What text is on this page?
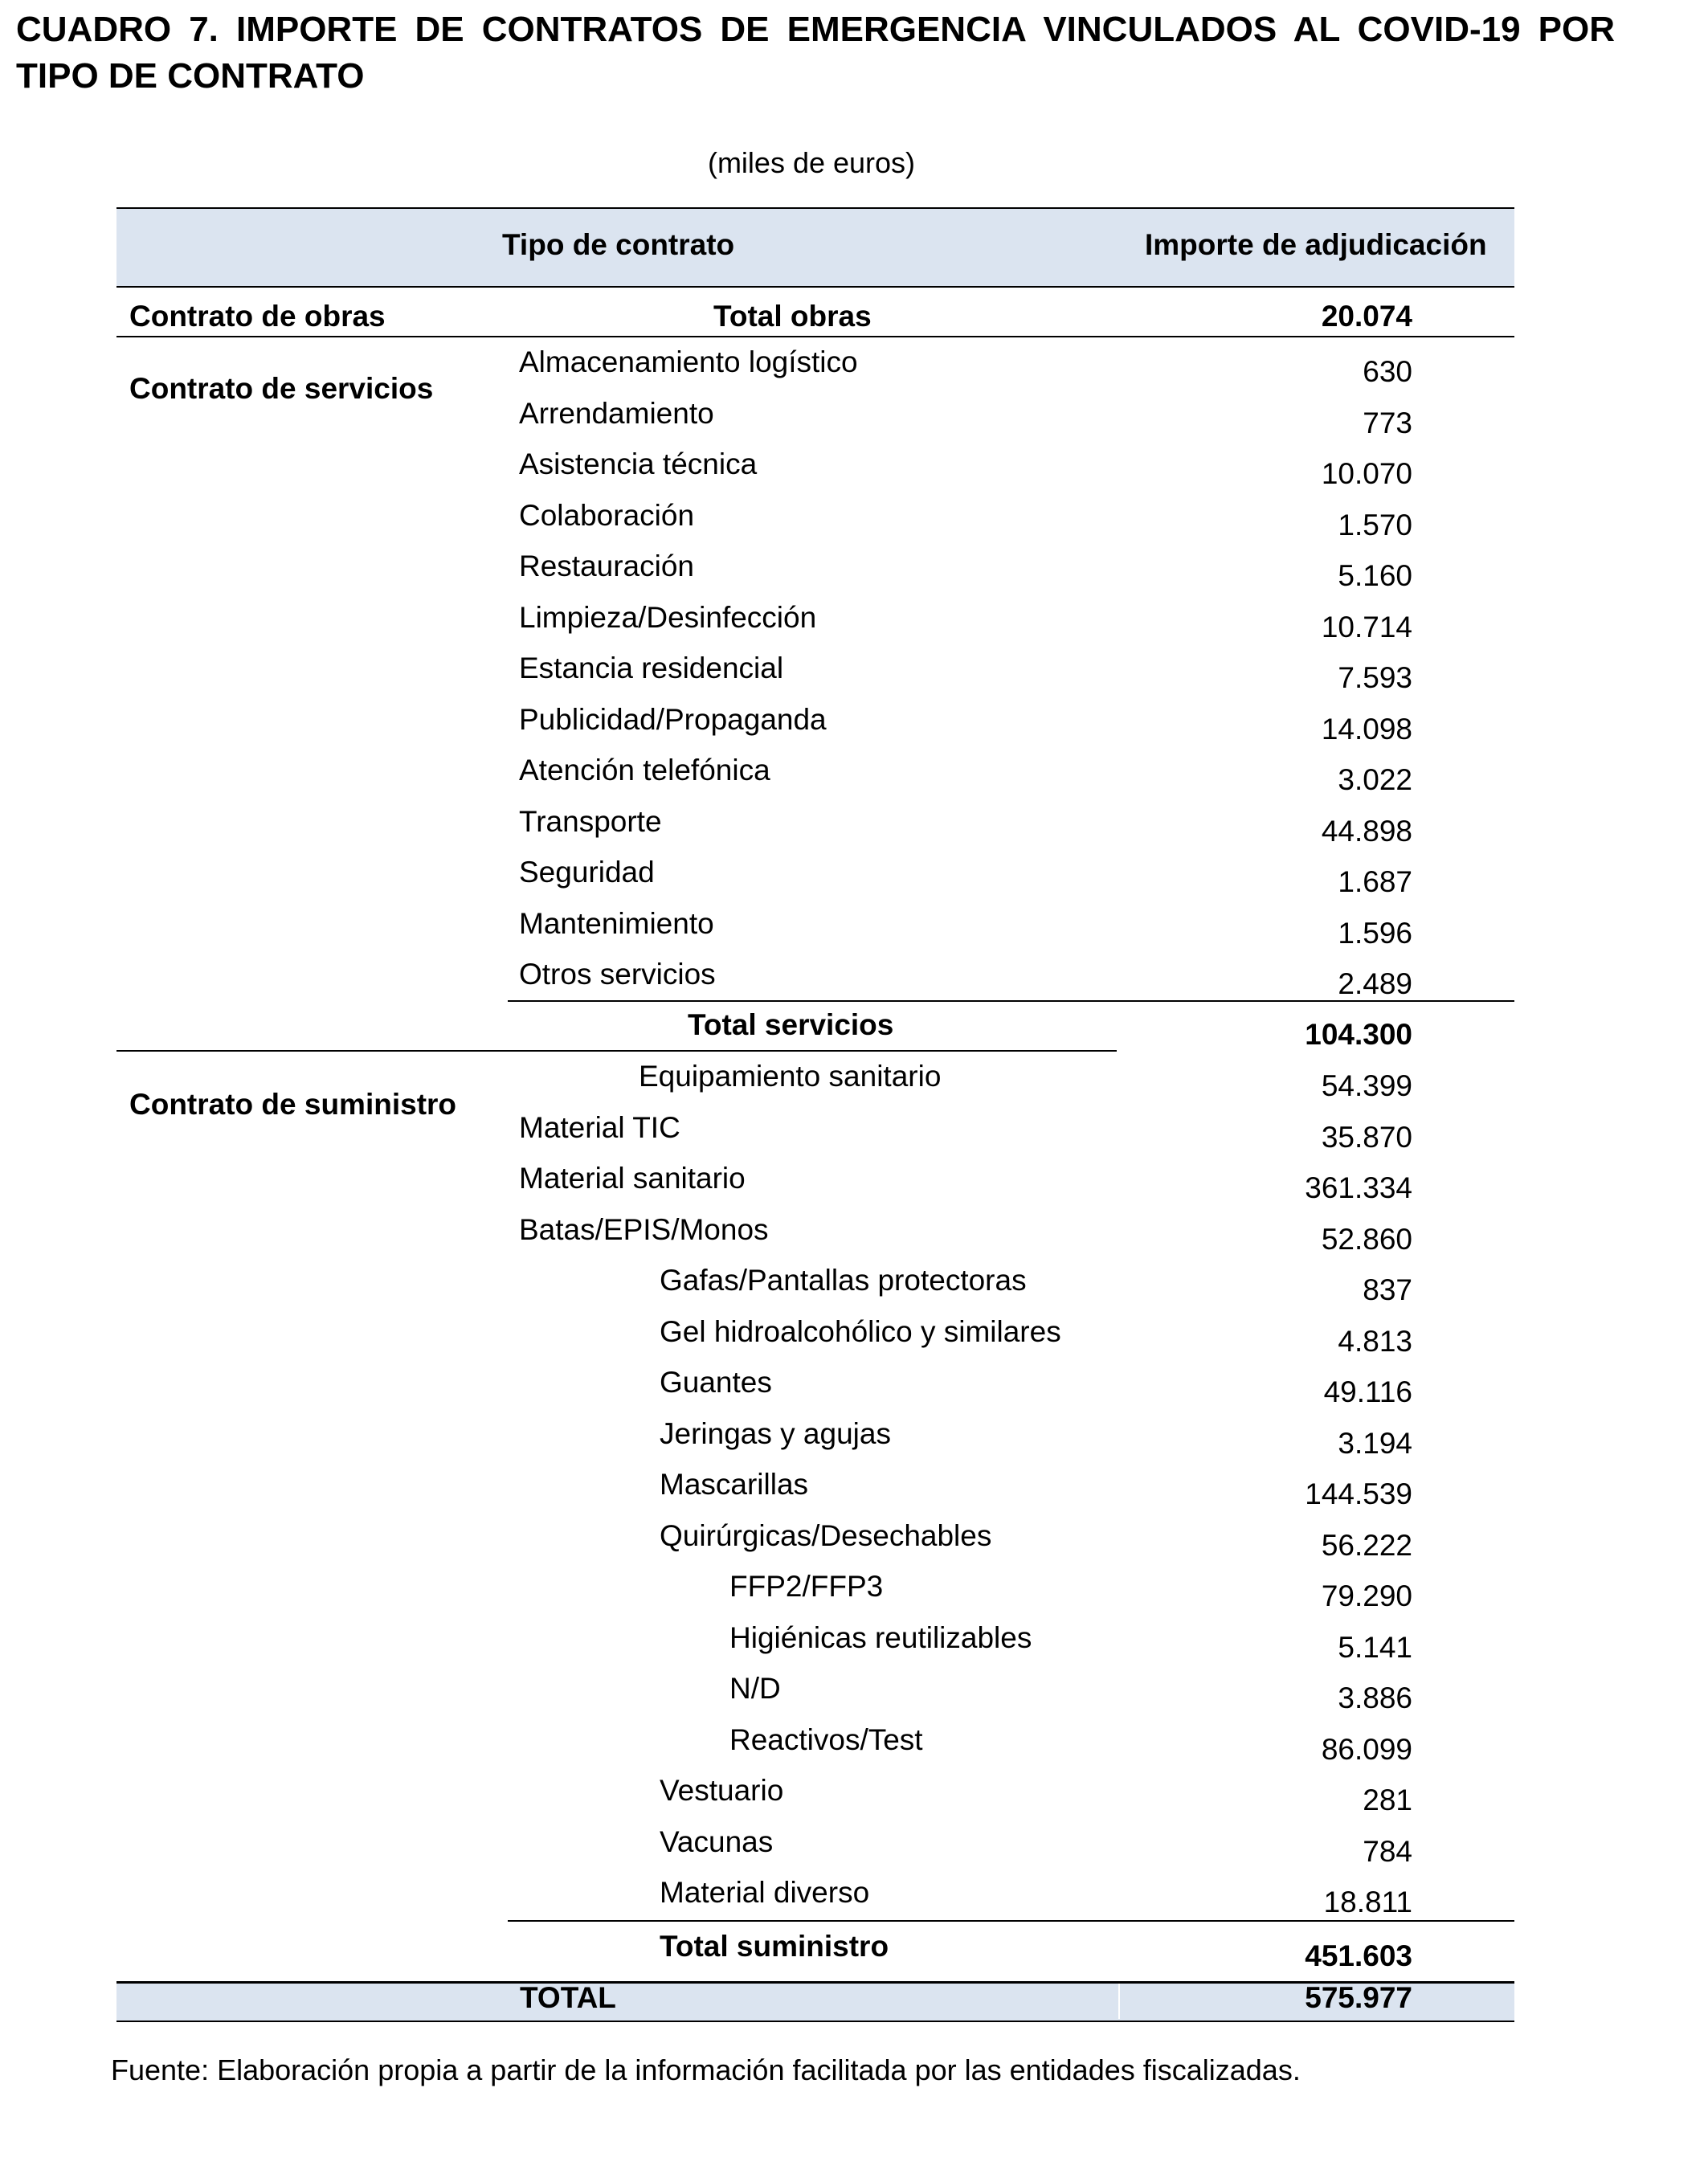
CUADRO 7. IMPORTE DE CONTRATOS DE EMERGENCIA VINCULADOS AL COVID-19 POR TIPO DE CONTRATO
(miles de euros)
Tipo de contrato	Importe de adjudicación
Contrato de obras	Total obras	20.074
Contrato de servicios
Almacenamiento logístico	630
Arrendamiento	773
Asistencia técnica	10.070
Colaboración	1.570
Restauración	5.160
Limpieza/Desinfección	10.714
Estancia residencial	7.593
Publicidad/Propaganda	14.098
Atención telefónica	3.022
Transporte	44.898
Seguridad	1.687
Mantenimiento	1.596
Otros servicios	2.489
Total servicios	104.300
Contrato de suministro
Equipamiento sanitario	54.399
Material TIC	35.870
Material sanitario	361.334
Batas/EPIS/Monos	52.860
Gafas/Pantallas protectoras	837
Gel hidroalcohólico y similares	4.813
Guantes	49.116
Jeringas y agujas	3.194
Mascarillas	144.539
Quirúrgicas/Desechables	56.222
FFP2/FFP3	79.290
Higiénicas reutilizables	5.141
N/D	3.886
Reactivos/Test	86.099
Vestuario	281
Vacunas	784
Material diverso	18.811
Total suministro	451.603
TOTAL	575.977
Fuente: Elaboración propia a partir de la información facilitada por las entidades fiscalizadas.
